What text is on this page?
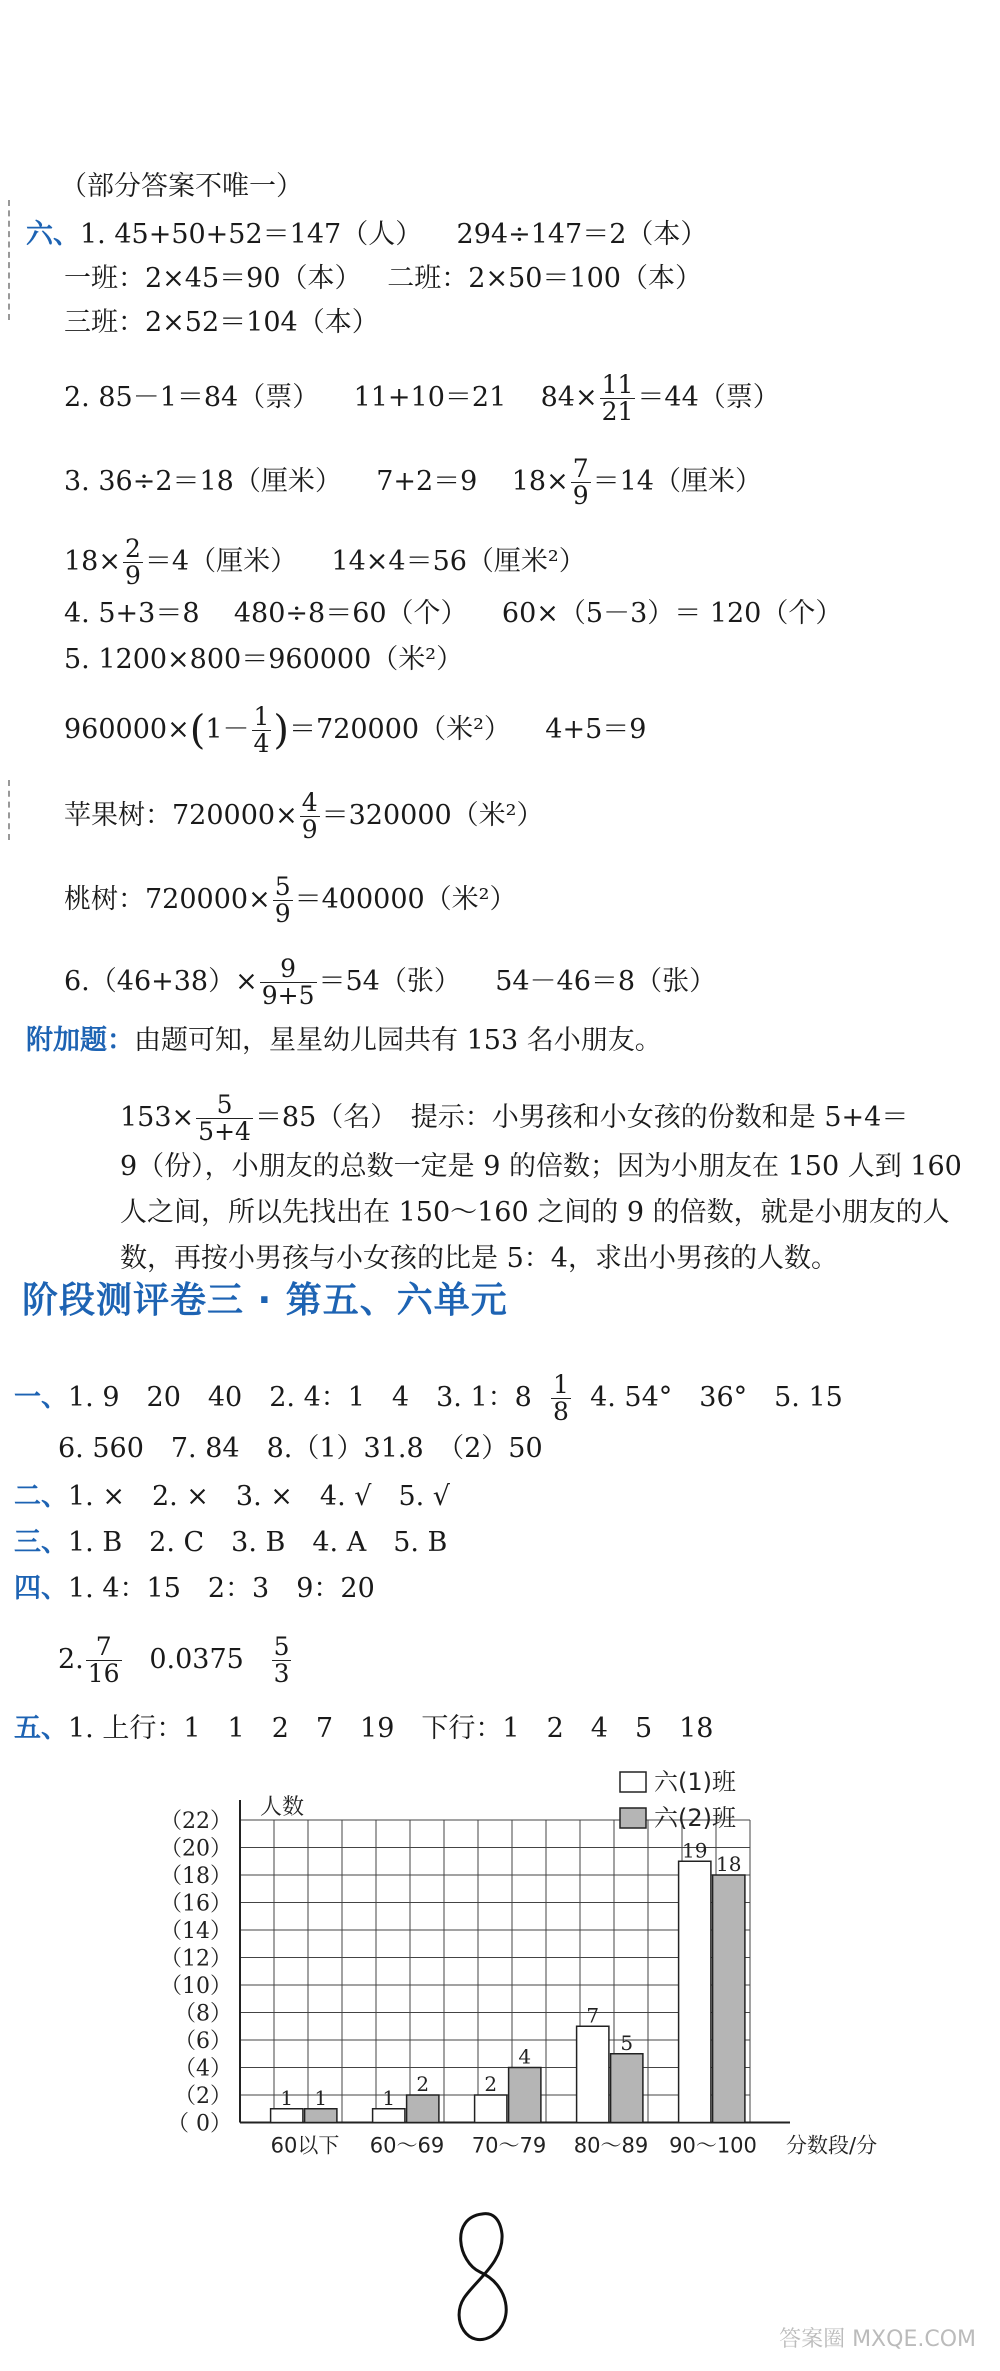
（部分答案不唯一）
六、1. 45+50+52＝147（人） 294÷147＝2（本）
一班：2×45＝90（本） 二班：2×50＝100（本）
三班：2×52＝104（本）
2. 85－1＝84（票） 11+10＝21 $84\times \frac{11}{21} =44$（票）
3. 36÷2＝18（厘米） 7+2＝9 $18\times \frac{7}{9} =14$（厘米）
$18\times \frac{2}{9} =4$（厘米） 14×4＝56（厘米²）
4. 5+3＝8 480÷8＝60（个） 60×（5－3）＝ 120（个）
5. 1200×800＝960000（米²）
$960000\times(1- \frac{1}{4} )=720000$（米²） 4+5＝9
苹果树：$720000\times \frac{4}{9} =320000$（米²）
桃树：$720000\times \frac{5}{9} =400000$（米²）
$6.(46+38)\times \frac{9}{9+5} =54$（张） 54－46＝8（张）
附加题：由题可知，星星幼儿园共有 153 名小朋友。
$153\times \frac{5}{5+4} =85$（名）　提示：小男孩和小女孩的份数和是 5+4＝
9（份），小朋友的总数一定是 9 的倍数；因为小朋友在 150 人到 160
人之间，所以先找出在 150～160 之间的 9 的倍数，就是小朋友的人
数，再按小男孩与小女孩的比是 5：4，求出小男孩的人数。
阶段测评卷三 · 第五、六单元
一、1. 9　20　40　2. 4：1　4　3. 1：$8 \frac{1}{8} 4$. 54°　36°　5. 15
6. 560　7. 84　8.（1）31.8　（2）50
二、1. ×　2. ×　3. ×　4. √　5. √
三、1. B　2. C　3. B　4. A　5. B
四、1. 4：15　2：3　9：20
2. $\frac{7}{16} 0.0375 \frac{5}{3}$
五、1. 上行：1　1　2　7　19　下行：1　2　4　5　18
（22）
（20）
（18）
（16）
（14）
（12）
（10）
（8）
（6）
（4）
（2）
（ 0）
人数
1 1
60以下
1
2
60～69
2
4
70～79
7
5
80～89
19
18
90～100 分数段/分
六(1)班
六(2)班
答案圈 MXQE.COM
